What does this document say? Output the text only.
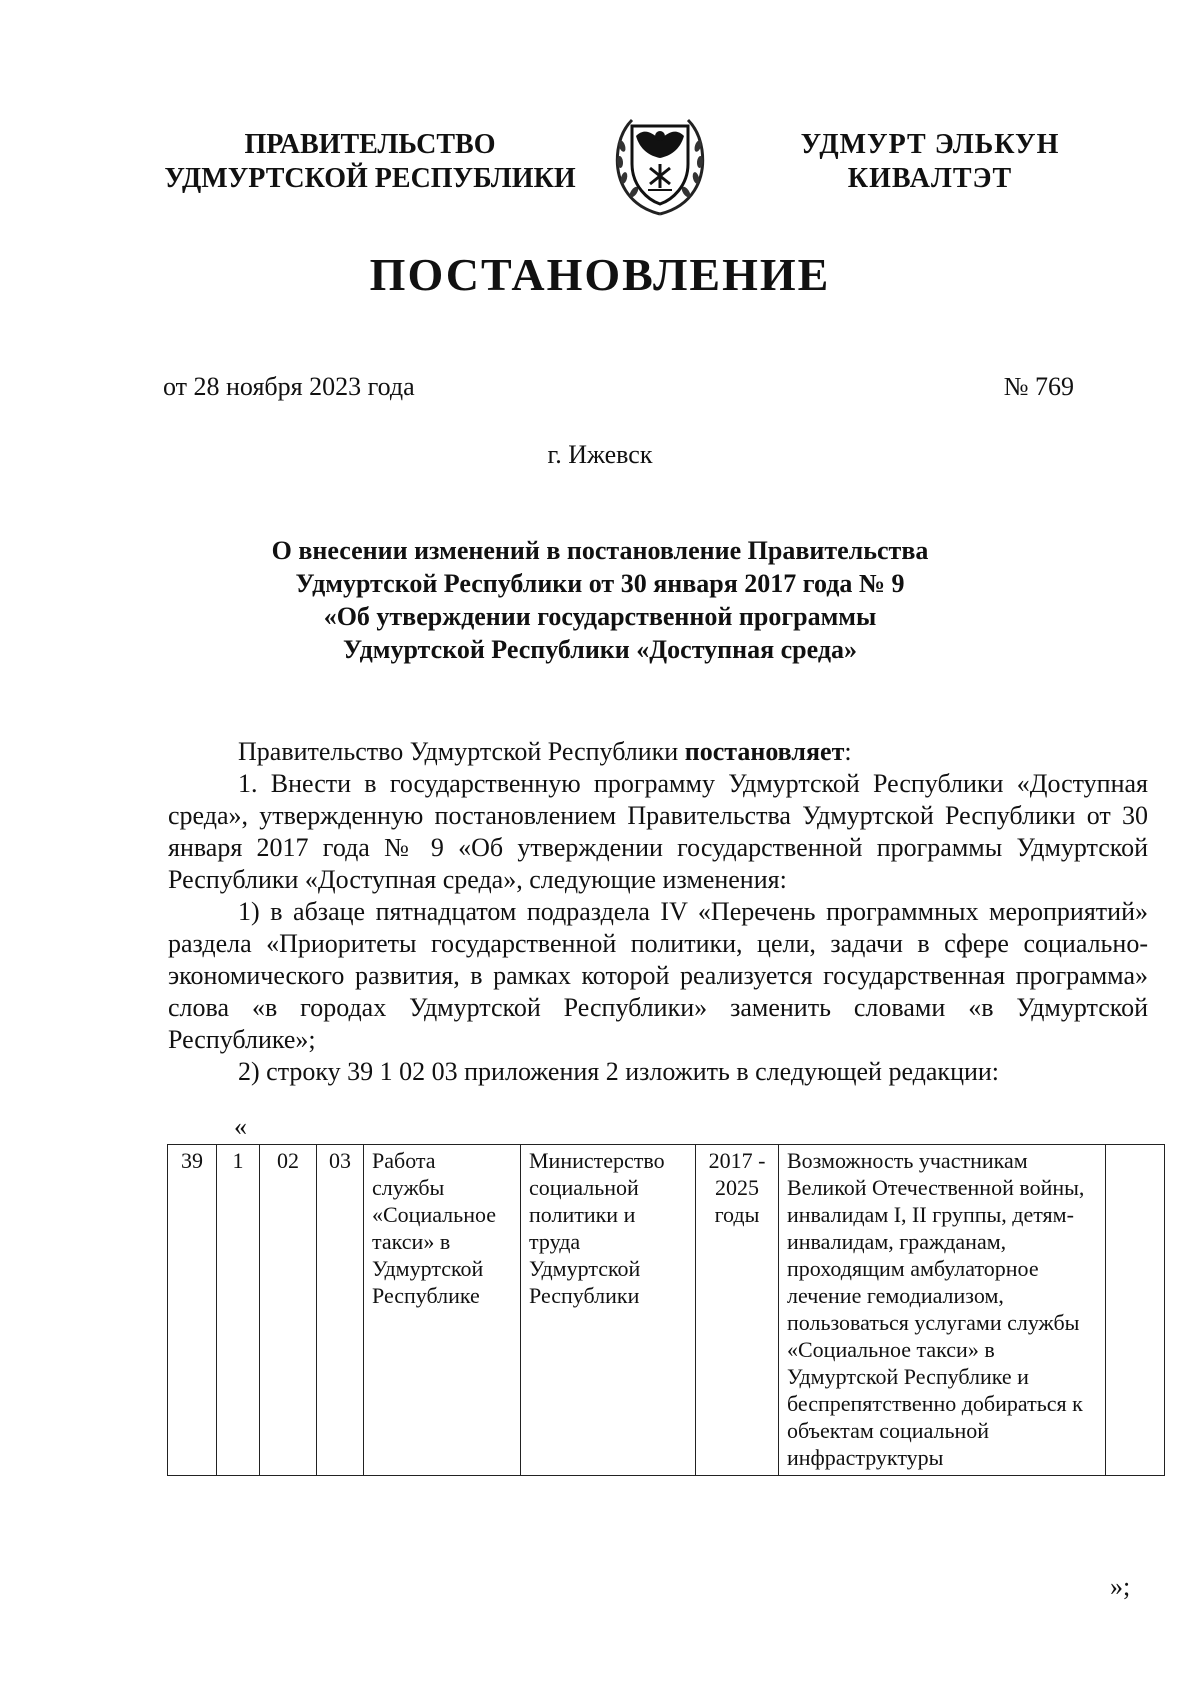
ПРАВИТЕЛЬСТВО
УДМУРТСКОЙ РЕСПУБЛИКИ
УДМУРТ ЭЛЬКУН
КИВАЛТЭТ
ПОСТАНОВЛЕНИЕ
от 28 ноября 2023 года	№ 769
г. Ижевск
О внесении изменений в постановление Правительства
Удмуртской Республики от 30 января 2017 года № 9
«Об утверждении государственной программы
Удмуртской Республики «Доступная среда»

Правительство Удмуртской Республики постановляет:

1. Внести в государственную программу Удмуртской Республики «Доступная среда», утвержденную постановлением Правительства Удмуртской Республики от 30 января 2017 года № 9 «Об утверждении государственной программы Удмуртской Республики «Доступная среда», следующие изменения:

1) в абзаце пятнадцатом подраздела IV «Перечень программных мероприятий» раздела «Приоритеты государственной политики, цели, задачи в сфере социально-экономического развития, в рамках которой реализуется государственная программа» слова «в городах Удмуртской Республики» заменить словами «в Удмуртской Республике»;

2) строку 39 1 02 03 приложения 2 изложить в следующей редакции:

«
39	1	02	03	Работа службы «Социальное такси» в Удмуртской Республике	Министерство социальной политики и труда Удмуртской Республики	2017 - 2025 годы	Возможность участникам Великой Отечественной войны, инвалидам I, II группы, детям-инвалидам, гражданам, проходящим амбулаторное лечение гемодиализом, пользоваться услугами службы «Социальное такси» в Удмуртской Республике и беспрепятственно добираться к объектам социальной инфраструктуры	
»;
